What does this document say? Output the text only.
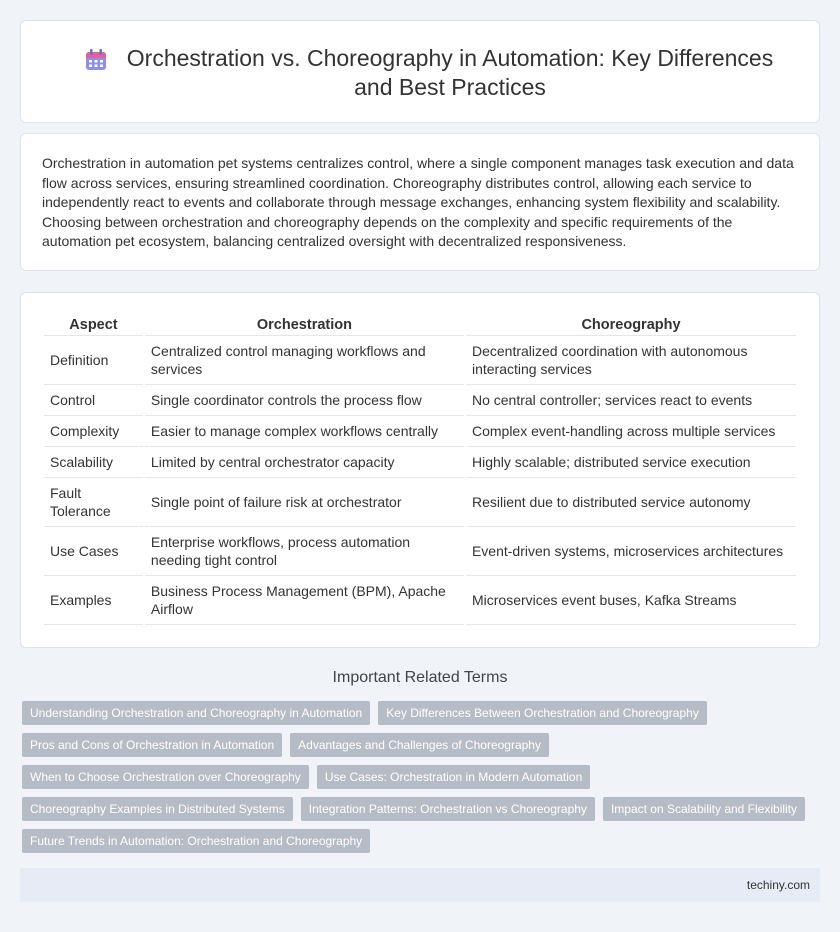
Orchestration vs. Choreography in Automation: Key Differences and Best Practices

Orchestration in automation pet systems centralizes control, where a single component manages task execution and data flow across services, ensuring streamlined coordination. Choreography distributes control, allowing each service to independently react to events and collaborate through message exchanges, enhancing system flexibility and scalability. Choosing between orchestration and choreography depends on the complexity and specific requirements of the automation pet ecosystem, balancing centralized oversight with decentralized responsiveness.

Aspect	Orchestration	Choreography
Definition	Centralized control managing workflows and services	Decentralized coordination with autonomous interacting services
Control	Single coordinator controls the process flow	No central controller; services react to events
Complexity	Easier to manage complex workflows centrally	Complex event-handling across multiple services
Scalability	Limited by central orchestrator capacity	Highly scalable; distributed service execution
Fault Tolerance	Single point of failure risk at orchestrator	Resilient due to distributed service autonomy
Use Cases	Enterprise workflows, process automation needing tight control	Event-driven systems, microservices architectures
Examples	Business Process Management (BPM), Apache Airflow	Microservices event buses, Kafka Streams
Important Related Terms
Understanding Orchestration and Choreography in Automation	Key Differences Between Orchestration and Choreography
Pros and Cons of Orchestration in Automation	Advantages and Challenges of Choreography
When to Choose Orchestration over Choreography	Use Cases: Orchestration in Modern Automation
Choreography Examples in Distributed Systems	Integration Patterns: Orchestration vs Choreography	Impact on Scalability and Flexibility
Future Trends in Automation: Orchestration and Choreography
techiny.com
